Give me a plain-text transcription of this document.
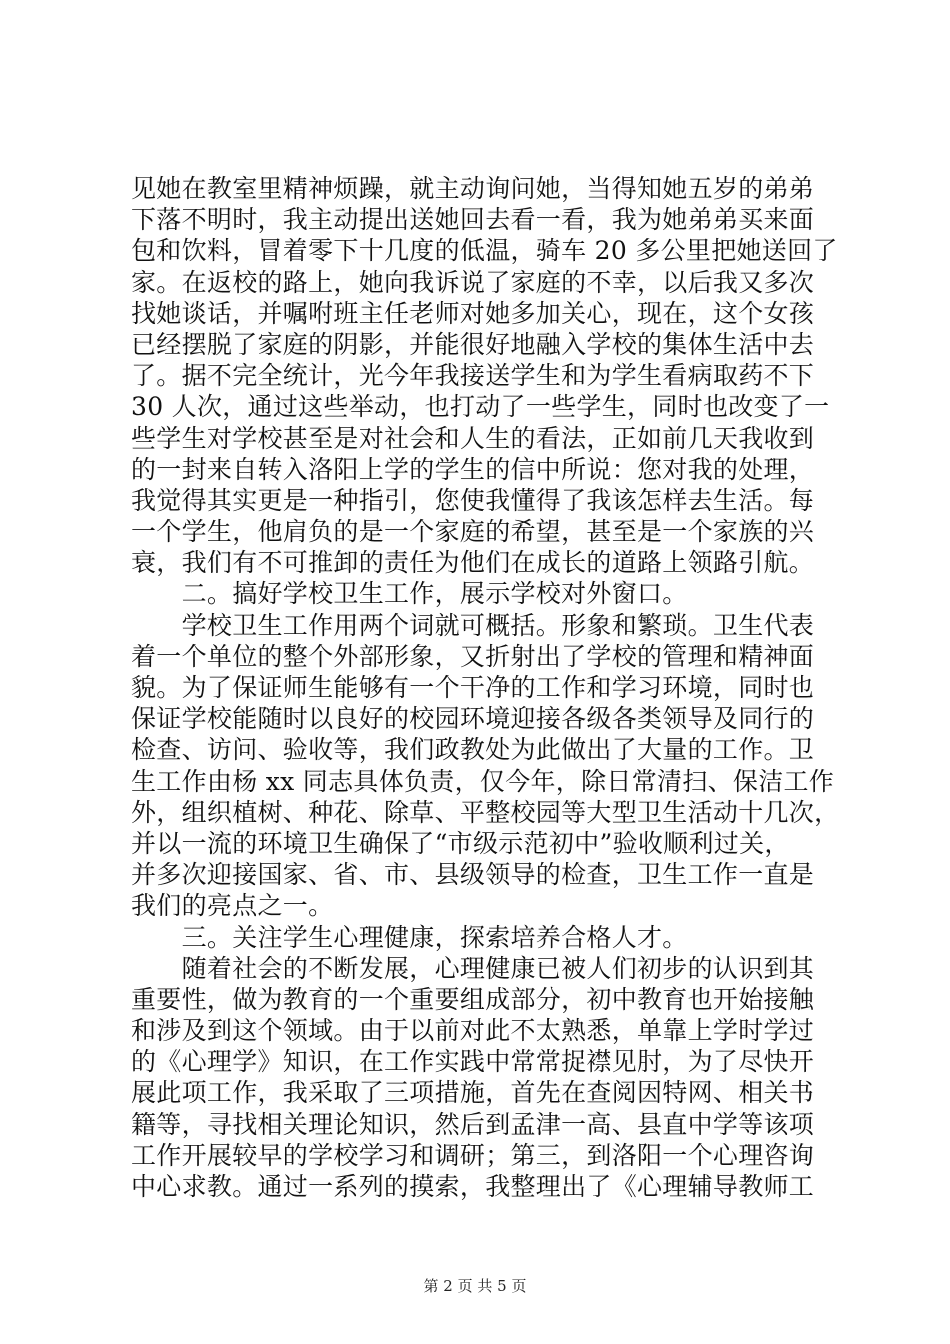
见她在教室里精神烦躁，就主动询问她，当得知她五岁的弟弟
下落不明时，我主动提出送她回去看一看，我为她弟弟买来面
包和饮料，冒着零下十几度的低温，骑车 20 多公里把她送回了
家。在返校的路上，她向我诉说了家庭的不幸，以后我又多次
找她谈话，并嘱咐班主任老师对她多加关心，现在，这个女孩
已经摆脱了家庭的阴影，并能很好地融入学校的集体生活中去
了。据不完全统计，光今年我接送学生和为学生看病取药不下
30 人次，通过这些举动，也打动了一些学生，同时也改变了一
些学生对学校甚至是对社会和人生的看法，正如前几天我收到
的一封来自转入洛阳上学的学生的信中所说：您对我的处理，
我觉得其实更是一种指引，您使我懂得了我该怎样去生活。每
一个学生，他肩负的是一个家庭的希望，甚至是一个家族的兴
衰，我们有不可推卸的责任为他们在成长的道路上领路引航。
　　二。搞好学校卫生工作，展示学校对外窗口。
　　学校卫生工作用两个词就可概括。形象和繁琐。卫生代表
着一个单位的整个外部形象，又折射出了学校的管理和精神面
貌。为了保证师生能够有一个干净的工作和学习环境，同时也
保证学校能随时以良好的校园环境迎接各级各类领导及同行的
检查、访问、验收等，我们政教处为此做出了大量的工作。卫
生工作由杨 xx 同志具体负责，仅今年，除日常清扫、保洁工作
外，组织植树、种花、除草、平整校园等大型卫生活动十几次，
并以一流的环境卫生确保了“市级示范初中”验收顺利过关，
并多次迎接国家、省、市、县级领导的检查，卫生工作一直是
我们的亮点之一。
　　三。关注学生心理健康，探索培养合格人才。
　　随着社会的不断发展，心理健康已被人们初步的认识到其
重要性，做为教育的一个重要组成部分，初中教育也开始接触
和涉及到这个领域。由于以前对此不太熟悉，单靠上学时学过
的《心理学》知识，在工作实践中常常捉襟见肘，为了尽快开
展此项工作，我采取了三项措施，首先在查阅因特网、相关书
籍等，寻找相关理论知识，然后到孟津一高、县直中学等该项
工作开展较早的学校学习和调研；第三，到洛阳一个心理咨询
中心求教。通过一系列的摸索，我整理出了《心理辅导教师工
第 2 页 共 5 页
